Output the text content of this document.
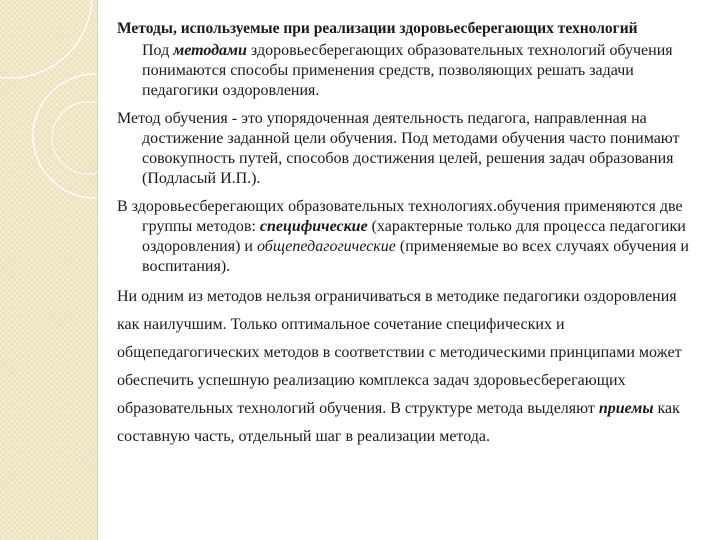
Методы, используемые при реализации здоровьесберегающих технологий

Под методами здоровьесберегающих образовательных технологий обучения понимаются способы применения средств, позволяющих решать задачи педагогики оздоровления.

Метод обучения - это упорядоченная деятельность педагога, направленная на достижение заданной цели обучения. Под методами обучения часто понимают совокупность путей, способов достижения целей, решения задач образования (Подласый И.П.).

В здоровьесберегающих образовательных технологиях.обучения применяются две группы методов: специфические (характерные только для процесса педагогики оздоровления) и общепедагогические (применяемые во всех случаях обучения и воспитания).

Ни одним из методов нельзя ограничиваться в методике педагогики оздоровления как наилучшим. Только оптимальное сочетание специфических и общепедагогических методов в соответствии с методическими принципами может обеспечить успешную реализацию комплекса задач здоровьесберегающих образовательных технологий обучения. В структуре метода выделяют приемы как составную часть, отдельный шаг в реализации метода.
